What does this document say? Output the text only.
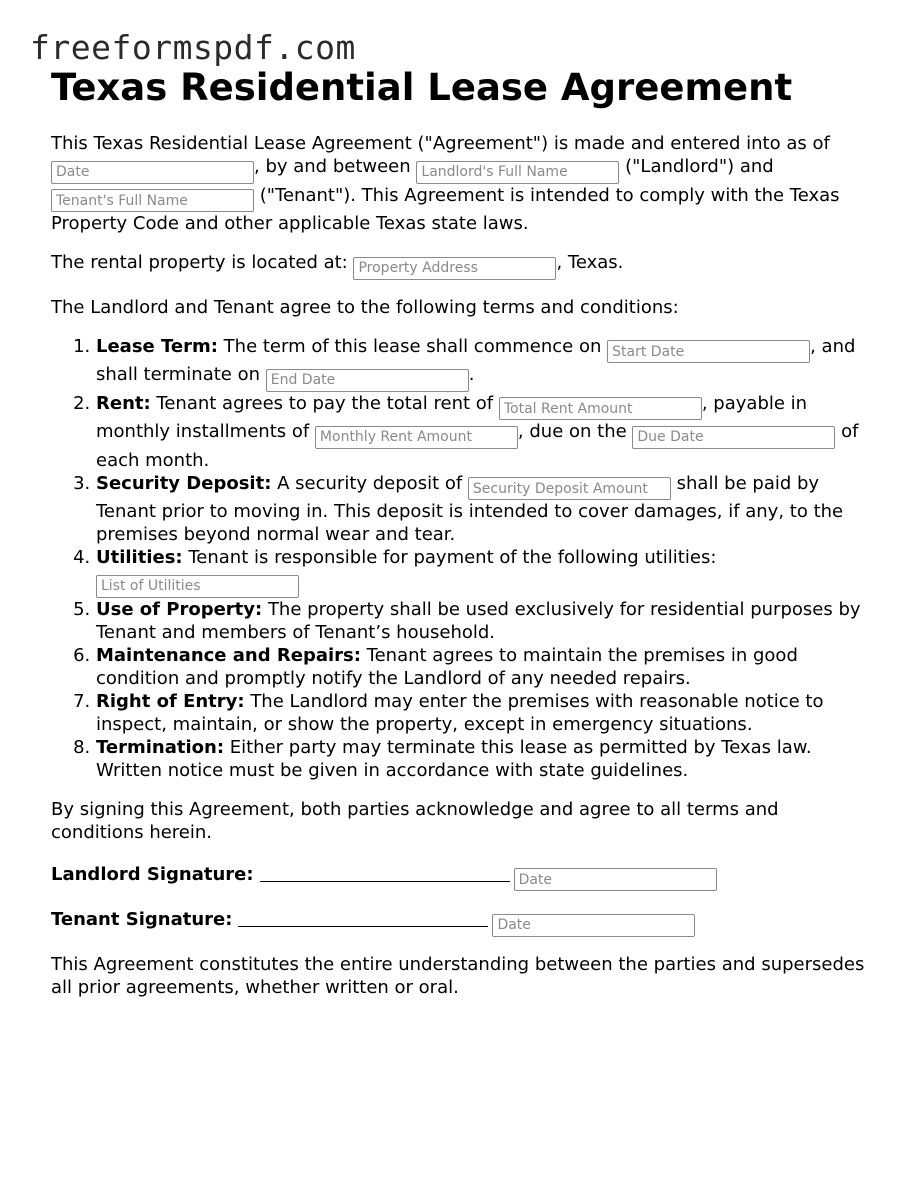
freeformspdf.com
Texas Residential Lease Agreement

This Texas Residential Lease Agreement ("Agreement") is made and entered into as of
Date, by and between Landlord's Full Name	("Landlord") and
Tenant's Full Name ("Tenant"). This Agreement is intended to comply with the Texas Property Code and other applicable Texas state laws.

The rental property is located at: Property Address	, Texas.

The Landlord and Tenant agree to the following terms and conditions:

1. Lease Term: The term of this lease shall commence on Start Date	, and shall terminate on End Date	.
2. Rent: Tenant agrees to pay the total rent of Total Rent Amount	, payable in monthly installments of Monthly Rent Amount	, due on the Due Date	of each month.
3. Security Deposit: A security deposit of Security Deposit Amount	shall be paid by Tenant prior to moving in. This deposit is intended to cover damages, if any, to the premises beyond normal wear and tear.
4. Utilities: Tenant is responsible for payment of the following utilities: List of Utilities
5. Use of Property: The property shall be used exclusively for residential purposes by Tenant and members of Tenant’s household.
6. Maintenance and Repairs: Tenant agrees to maintain the premises in good condition and promptly notify the Landlord of any needed repairs.
7. Right of Entry: The Landlord may enter the premises with reasonable notice to inspect, maintain, or show the property, except in emergency situations.
8. Termination: Either party may terminate this lease as permitted by Texas law. Written notice must be given in accordance with state guidelines.

By signing this Agreement, both parties acknowledge and agree to all terms and conditions herein.

Landlord Signature:Date
Tenant Signature:Date

This Agreement constitutes the entire understanding between the parties and supersedes all prior agreements, whether written or oral.
